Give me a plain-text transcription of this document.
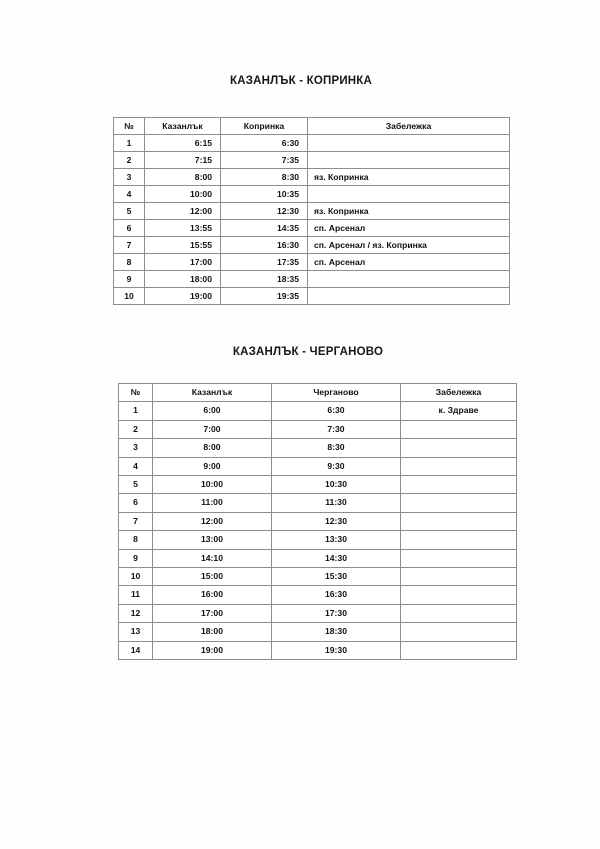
КАЗАНЛЪК - КОПРИНКА
№	Казанлък	Копринка	Забележка
1	6:15	6:30	
2	7:15	7:35	
3	8:00	8:30	яз. Копринка
4	10:00	10:35	
5	12:00	12:30	яз. Копринка
6	13:55	14:35	сп. Арсенал
7	15:55	16:30	сп. Арсенал / яз. Копринка
8	17:00	17:35	сп. Арсенал
9	18:00	18:35	
10	19:00	19:35	
КАЗАНЛЪК - ЧЕРГАНОВО
№	Казанлък	Черганово	Забележка
1	6:00	6:30	к. Здраве
2	7:00	7:30	
3	8:00	8:30	
4	9:00	9:30	
5	10:00	10:30	
6	11:00	11:30	
7	12:00	12:30	
8	13:00	13:30	
9	14:10	14:30	
10	15:00	15:30	
11	16:00	16:30	
12	17:00	17:30	
13	18:00	18:30	
14	19:00	19:30	
